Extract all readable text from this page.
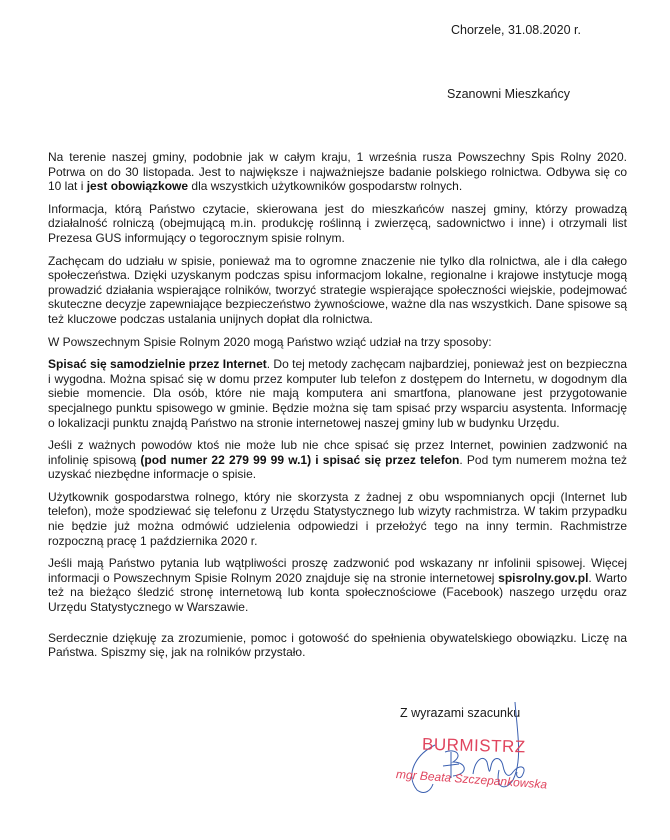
Chorzele, 31.08.2020 r.
Szanowni Mieszkańcy

Na terenie naszej gminy, podobnie jak w całym kraju, 1 września rusza Powszechny Spis Rolny 2020. Potrwa on do 30 listopada. Jest to największe i najważniejsze badanie polskiego rolnictwa. Odbywa się co 10 lat i jest obowiązkowe dla wszystkich użytkowników gospodarstw rolnych.

Informacja, którą Państwo czytacie, skierowana jest do mieszkańców naszej gminy, którzy prowadzą działalność rolniczą (obejmującą m.in. produkcję roślinną i zwierzęcą, sadownictwo i inne) i otrzymali list Prezesa GUS informujący o tegorocznym spisie rolnym.

Zachęcam do udziału w spisie, ponieważ ma to ogromne znaczenie nie tylko dla rolnictwa, ale i dla całego społeczeństwa. Dzięki uzyskanym podczas spisu informacjom lokalne, regionalne i krajowe instytucje mogą prowadzić działania wspierające rolników, tworzyć strategie wspierające społeczności wiejskie, podejmować skuteczne decyzje zapewniające bezpieczeństwo żywnościowe, ważne dla nas wszystkich. Dane spisowe są też kluczowe podczas ustalania unijnych dopłat dla rolnictwa.

W Powszechnym Spisie Rolnym 2020 mogą Państwo wziąć udział na trzy sposoby:

Spisać się samodzielnie przez Internet. Do tej metody zachęcam najbardziej, ponieważ jest on bezpieczna i wygodna. Można spisać się w domu przez komputer lub telefon z dostępem do Internetu, w dogodnym dla siebie momencie. Dla osób, które nie mają komputera ani smartfona, planowane jest przygotowanie specjalnego punktu spisowego w gminie. Będzie można się tam spisać przy wsparciu asystenta. Informację o lokalizacji punktu znajdą Państwo na stronie internetowej naszej gminy lub w budynku Urzędu.

Jeśli z ważnych powodów ktoś nie może lub nie chce spisać się przez Internet, powinien zadzwonić na infolinię spisową (pod numer 22 279 99 99 w.1) i spisać się przez telefon. Pod tym numerem można też uzyskać niezbędne informacje o spisie.

Użytkownik gospodarstwa rolnego, który nie skorzysta z żadnej z obu wspomnianych opcji (Internet lub telefon), może spodziewać się telefonu z Urzędu Statystycznego lub wizyty rachmistrza. W takim przypadku nie będzie już można odmówić udzielenia odpowiedzi i przełożyć tego na inny termin. Rachmistrze rozpoczną pracę 1 października 2020 r.

Jeśli mają Państwo pytania lub wątpliwości proszę zadzwonić pod wskazany nr infolinii spisowej. Więcej informacji o Powszechnym Spisie Rolnym 2020 znajduje się na stronie internetowej spisrolny.gov.pl. Warto też na bieżąco śledzić stronę internetową lub konta społecznościowe (Facebook) naszego urzędu oraz Urzędu Statystycznego w Warszawie.

Serdecznie dziękuję za zrozumienie, pomoc i gotowość do spełnienia obywatelskiego obowiązku. Liczę na Państwa. Spiszmy się, jak na rolników przystało.

Z wyrazami szacunku
BURMISTRZ
mgr Beata Szczepankowska
